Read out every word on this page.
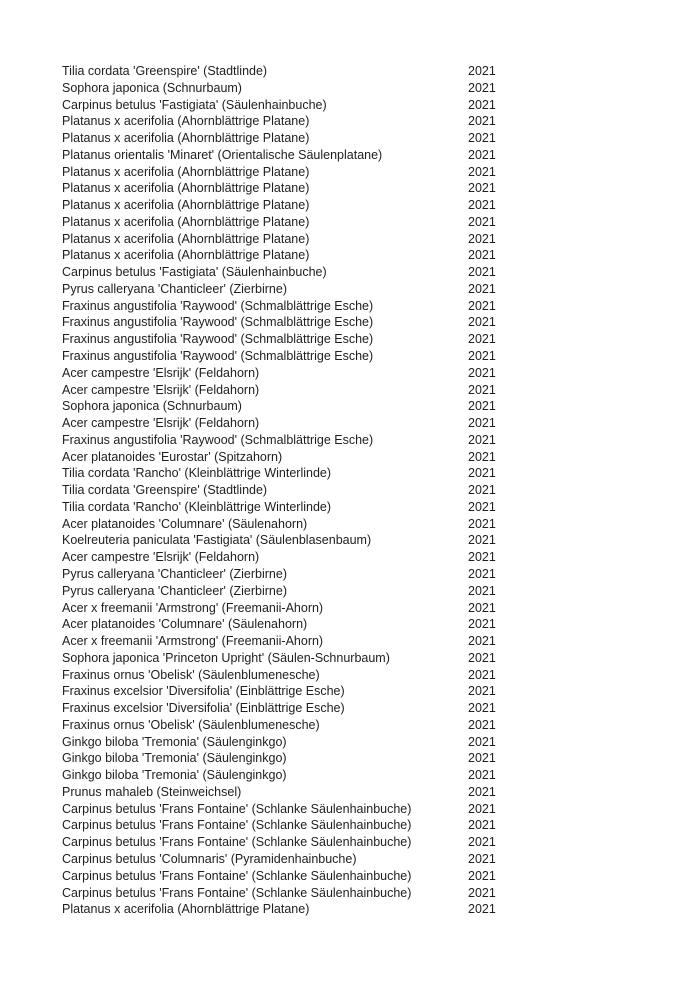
Tilia cordata 'Greenspire' (Stadtlinde)	2021
Sophora japonica (Schnurbaum)	2021
Carpinus betulus 'Fastigiata' (Säulenhainbuche)	2021
Platanus x acerifolia (Ahornblättrige Platane)	2021
Platanus x acerifolia (Ahornblättrige Platane)	2021
Platanus orientalis 'Minaret' (Orientalische Säulenplatane)	2021
Platanus x acerifolia (Ahornblättrige Platane)	2021
Platanus x acerifolia (Ahornblättrige Platane)	2021
Platanus x acerifolia (Ahornblättrige Platane)	2021
Platanus x acerifolia (Ahornblättrige Platane)	2021
Platanus x acerifolia (Ahornblättrige Platane)	2021
Platanus x acerifolia (Ahornblättrige Platane)	2021
Carpinus betulus 'Fastigiata' (Säulenhainbuche)	2021
Pyrus calleryana 'Chanticleer' (Zierbirne)	2021
Fraxinus angustifolia 'Raywood' (Schmalblättrige Esche)	2021
Fraxinus angustifolia 'Raywood' (Schmalblättrige Esche)	2021
Fraxinus angustifolia 'Raywood' (Schmalblättrige Esche)	2021
Fraxinus angustifolia 'Raywood' (Schmalblättrige Esche)	2021
Acer campestre 'Elsrijk' (Feldahorn)	2021
Acer campestre 'Elsrijk' (Feldahorn)	2021
Sophora japonica (Schnurbaum)	2021
Acer campestre 'Elsrijk' (Feldahorn)	2021
Fraxinus angustifolia 'Raywood' (Schmalblättrige Esche)	2021
Acer platanoides 'Eurostar' (Spitzahorn)	2021
Tilia cordata 'Rancho' (Kleinblättrige Winterlinde)	2021
Tilia cordata 'Greenspire' (Stadtlinde)	2021
Tilia cordata 'Rancho' (Kleinblättrige Winterlinde)	2021
Acer platanoides 'Columnare' (Säulenahorn)	2021
Koelreuteria paniculata 'Fastigiata' (Säulenblasenbaum)	2021
Acer campestre 'Elsrijk' (Feldahorn)	2021
Pyrus calleryana 'Chanticleer' (Zierbirne)	2021
Pyrus calleryana 'Chanticleer' (Zierbirne)	2021
Acer x freemanii 'Armstrong' (Freemanii-Ahorn)	2021
Acer platanoides 'Columnare' (Säulenahorn)	2021
Acer x freemanii 'Armstrong' (Freemanii-Ahorn)	2021
Sophora japonica 'Princeton Upright' (Säulen-Schnurbaum)	2021
Fraxinus ornus 'Obelisk' (Säulenblumenesche)	2021
Fraxinus excelsior 'Diversifolia' (Einblättrige Esche)	2021
Fraxinus excelsior 'Diversifolia' (Einblättrige Esche)	2021
Fraxinus ornus 'Obelisk' (Säulenblumenesche)	2021
Ginkgo biloba 'Tremonia' (Säulenginkgo)	2021
Ginkgo biloba 'Tremonia' (Säulenginkgo)	2021
Ginkgo biloba 'Tremonia' (Säulenginkgo)	2021
Prunus mahaleb (Steinweichsel)	2021
Carpinus betulus 'Frans Fontaine' (Schlanke Säulenhainbuche)	2021
Carpinus betulus 'Frans Fontaine' (Schlanke Säulenhainbuche)	2021
Carpinus betulus 'Frans Fontaine' (Schlanke Säulenhainbuche)	2021
Carpinus betulus 'Columnaris' (Pyramidenhainbuche)	2021
Carpinus betulus 'Frans Fontaine' (Schlanke Säulenhainbuche)	2021
Carpinus betulus 'Frans Fontaine' (Schlanke Säulenhainbuche)	2021
Platanus x acerifolia (Ahornblättrige Platane)	2021
